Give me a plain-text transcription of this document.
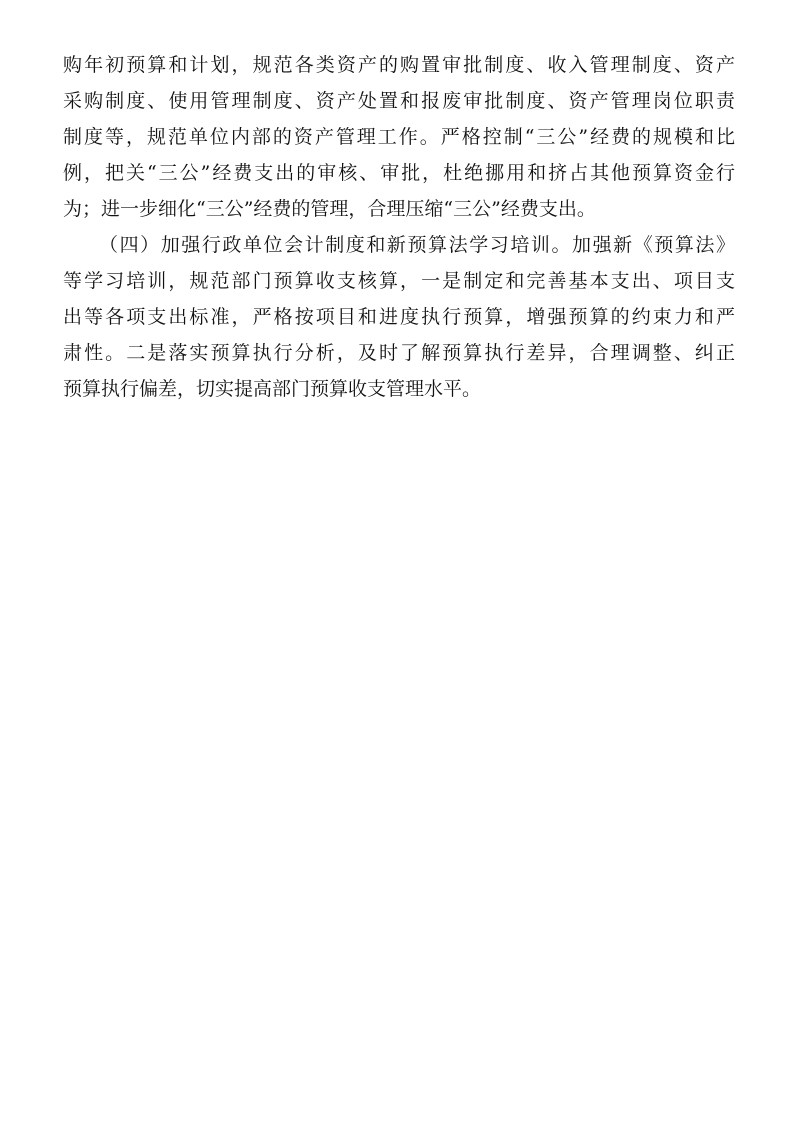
购年初预算和计划，规范各类资产的购置审批制度、收入管理制度、资产
采购制度、使用管理制度、资产处置和报废审批制度、资产管理岗位职责
制度等，规范单位内部的资产管理工作。严格控制“三公”经费的规模和比
例，把关“三公”经费支出的审核、审批，杜绝挪用和挤占其他预算资金行
为；进一步细化“三公”经费的管理，合理压缩“三公”经费支出。
（四）加强行政单位会计制度和新预算法学习培训。加强新《预算法》
等学习培训，规范部门预算收支核算，一是制定和完善基本支出、项目支
出等各项支出标准，严格按项目和进度执行预算，增强预算的约束力和严
肃性。二是落实预算执行分析，及时了解预算执行差异，合理调整、纠正
预算执行偏差，切实提高部门预算收支管理水平。
